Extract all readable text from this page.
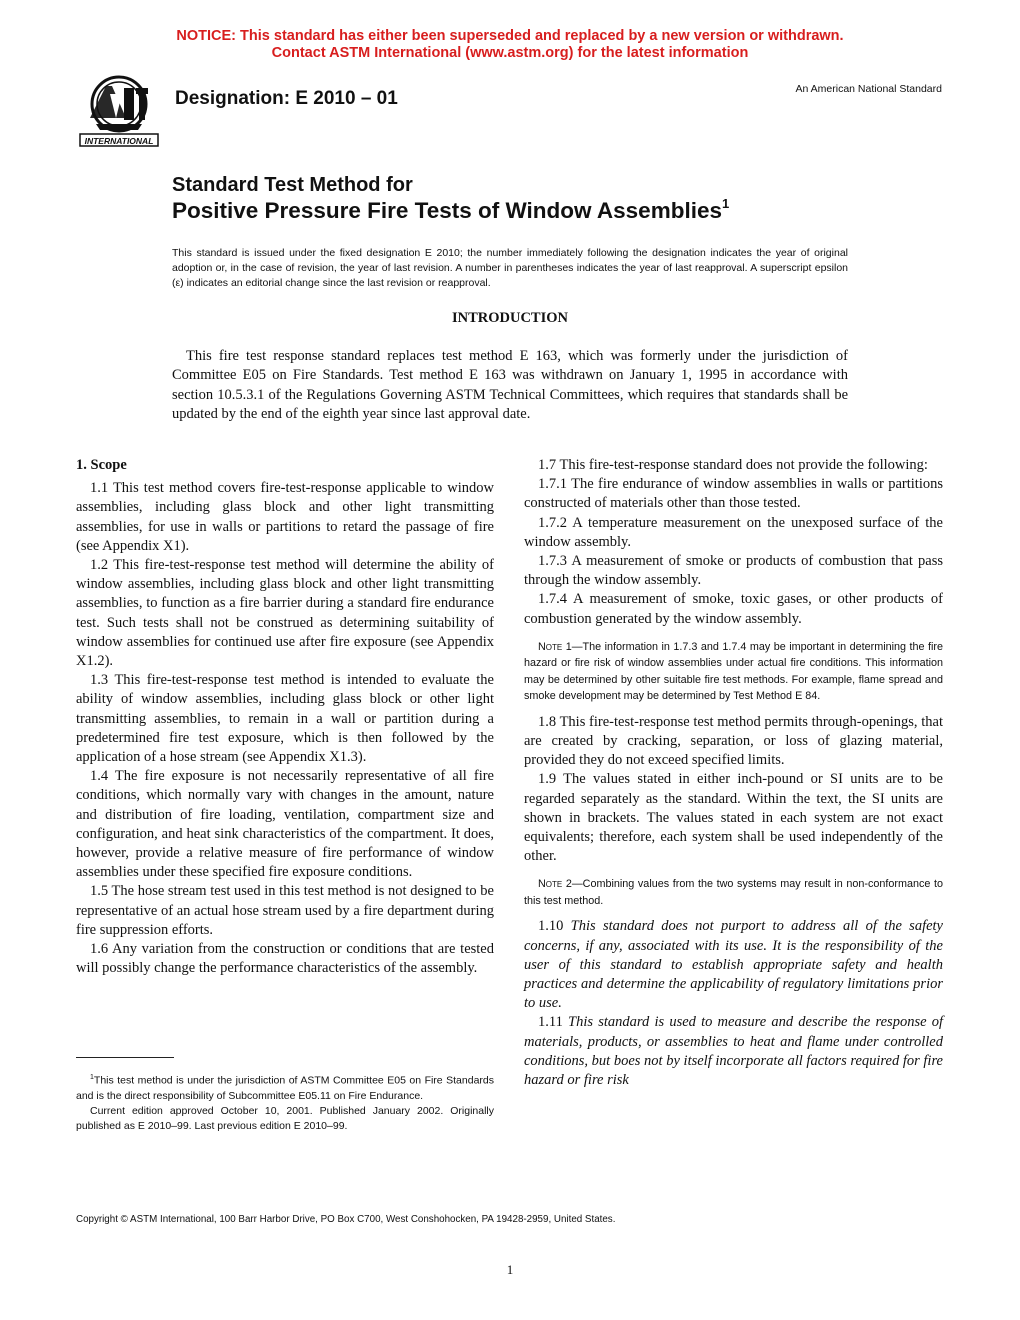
NOTICE: This standard has either been superseded and replaced by a new version or withdrawn.
Contact ASTM International (www.astm.org) for the latest information
INTERNATIONAL
Designation: E 2010 – 01	An American National Standard
Standard Test Method for
Positive Pressure Fire Tests of Window Assemblies$^1$
This standard is issued under the fixed designation E 2010; the number immediately following the designation indicates the year of original adoption or, in the case of revision, the year of last revision. A number in parentheses indicates the year of last reapproval. A superscript epsilon (ε) indicates an editorial change since the last revision or reapproval.
INTRODUCTION
This fire test response standard replaces test method E 163, which was formerly under the jurisdiction of Committee E05 on Fire Standards. Test method E 163 was withdrawn on January 1, 1995 in accordance with section 10.5.3.1 of the Regulations Governing ASTM Technical Committees, which requires that standards shall be updated by the end of the eighth year since last approval date.

1. Scope

1.1 This test method covers fire-test-response applicable to window assemblies, including glass block and other light transmitting assemblies, for use in walls or partitions to retard the passage of fire (see Appendix X1).

1.2 This fire-test-response test method will determine the ability of window assemblies, including glass block and other light transmitting assemblies, to function as a fire barrier during a standard fire endurance test. Such tests shall not be construed as determining suitability of window assemblies for continued use after fire exposure (see Appendix X1.2).

1.3 This fire-test-response test method is intended to evaluate the ability of window assemblies, including glass block or other light transmitting assemblies, to remain in a wall or partition during a predetermined fire test exposure, which is then followed by the application of a hose stream (see Appendix X1.3).

1.4 The fire exposure is not necessarily representative of all fire conditions, which normally vary with changes in the amount, nature and distribution of fire loading, ventilation, compartment size and configuration, and heat sink characteristics of the compartment. It does, however, provide a relative measure of fire performance of window assemblies under these specified fire exposure conditions.

1.5 The hose stream test used in this test method is not designed to be representative of an actual hose stream used by a fire department during fire suppression efforts.

1.6 Any variation from the construction or conditions that are tested will possibly change the performance characteristics of the assembly.

1.7 This fire-test-response standard does not provide the following:

1.7.1 The fire endurance of window assemblies in walls or partitions constructed of materials other than those tested.

1.7.2 A temperature measurement on the unexposed surface of the window assembly.

1.7.3 A measurement of smoke or products of combustion that pass through the window assembly.

1.7.4 A measurement of smoke, toxic gases, or other products of combustion generated by the window assembly.

Note 1—The information in 1.7.3 and 1.7.4 may be important in determining the fire hazard or fire risk of window assemblies under actual fire conditions. This information may be determined by other suitable fire test methods. For example, flame spread and smoke development may be determined by Test Method E 84.

1.8 This fire-test-response test method permits through-openings, that are created by cracking, separation, or loss of glazing material, provided they do not exceed specified limits.

1.9 The values stated in either inch-pound or SI units are to be regarded separately as the standard. Within the text, the SI units are shown in brackets. The values stated in each system are not exact equivalents; therefore, each system shall be used independently of the other.

Note 2—Combining values from the two systems may result in non-conformance to this test method.

1.10 This standard does not purport to address all of the safety concerns, if any, associated with its use. It is the responsibility of the user of this standard to establish appropriate safety and health practices and determine the applicability of regulatory limitations prior to use.

1.11 This standard is used to measure and describe the response of materials, products, or assemblies to heat and flame under controlled conditions, but boes not by itself incorporate all factors required for fire hazard or fire risk

$^1$This test method is under the jurisdiction of ASTM Committee E05 on Fire Standards and is the direct responsibility of Subcommittee E05.11 on Fire Endurance.

Current edition approved October 10, 2001. Published January 2002. Originally published as E 2010–99. Last previous edition E 2010–99.

Copyright © ASTM International, 100 Barr Harbor Drive, PO Box C700, West Conshohocken, PA 19428-2959, United States.
1
